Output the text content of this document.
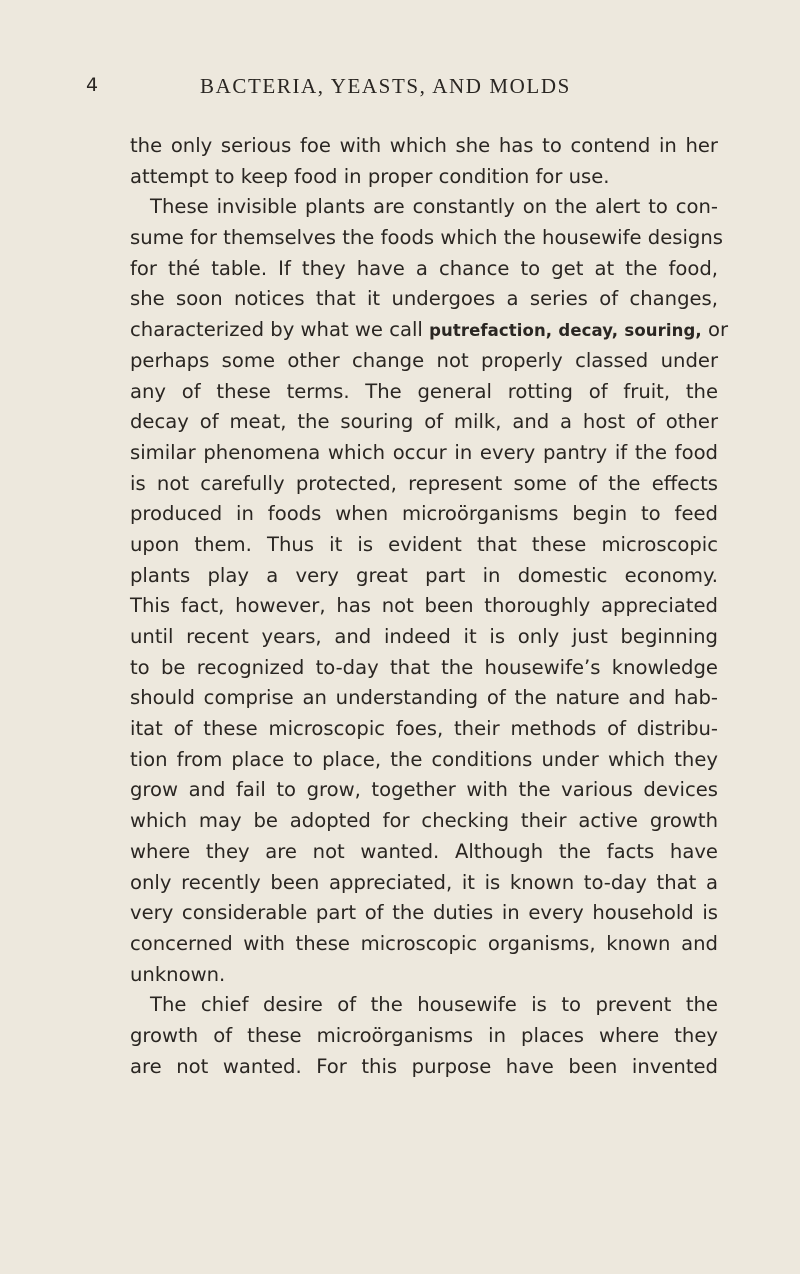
4	BACTERIA, YEASTS, AND MOLDS
the only serious foe with which she has to contend in her
attempt to keep food in proper condition for use.
These invisible plants are constantly on the alert to con-
sume for themselves the foods which the housewife designs
for thé table. If they have a chance to get at the food,
she soon notices that it undergoes a series of changes,
characterized by what we call putrefaction, decay, souring, or
perhaps some other change not properly classed under
any of these terms. The general rotting of fruit, the
decay of meat, the souring of milk, and a host of other
similar phenomena which occur in every pantry if the food
is not carefully protected, represent some of the effects
produced in foods when microörganisms begin to feed
upon them. Thus it is evident that these microscopic
plants play a very great part in domestic economy.
This fact, however, has not been thoroughly appreciated
until recent years, and indeed it is only just beginning
to be recognized to-day that the housewife’s knowledge
should comprise an understanding of the nature and hab-
itat of these microscopic foes, their methods of distribu-
tion from place to place, the conditions under which they
grow and fail to grow, together with the various devices
which may be adopted for checking their active growth
where they are not wanted. Although the facts have
only recently been appreciated, it is known to-day that a
very considerable part of the duties in every household is
concerned with these microscopic organisms, known and
unknown.
The chief desire of the housewife is to prevent the
growth of these microörganisms in places where they
are not wanted. For this purpose have been invented
